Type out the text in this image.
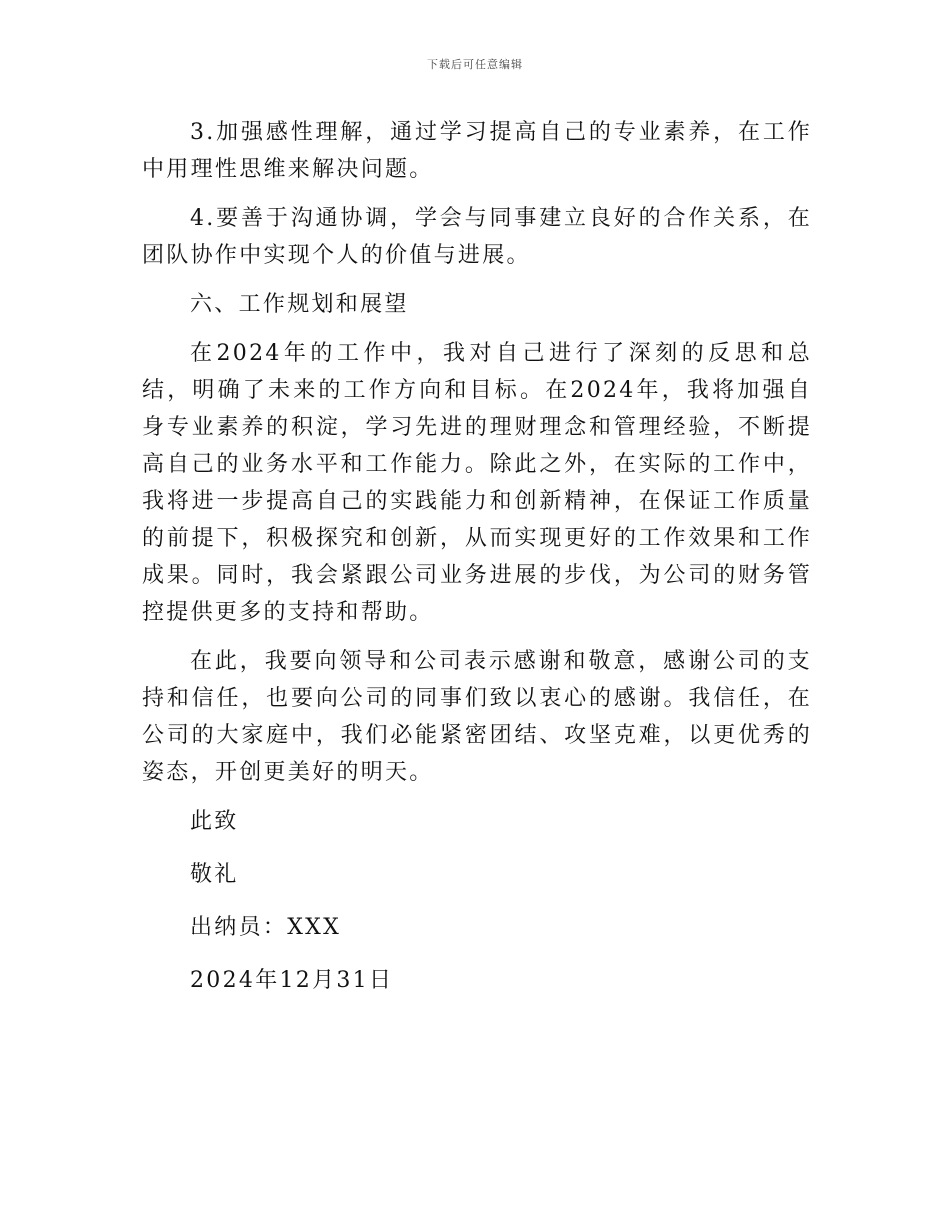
下载后可任意编辑

3.加强感性理解，通过学习提高自己的专业素养，在工作中用理性思维来解决问题。

4.要善于沟通协调，学会与同事建立良好的合作关系，在团队协作中实现个人的价值与进展。

六、工作规划和展望

在2024年的工作中，我对自己进行了深刻的反思和总结，明确了未来的工作方向和目标。在2024年，我将加强自身专业素养的积淀，学习先进的理财理念和管理经验，不断提高自己的业务水平和工作能力。除此之外，在实际的工作中，我将进一步提高自己的实践能力和创新精神，在保证工作质量的前提下，积极探究和创新，从而实现更好的工作效果和工作成果。同时，我会紧跟公司业务进展的步伐，为公司的财务管控提供更多的支持和帮助。

在此，我要向领导和公司表示感谢和敬意，感谢公司的支持和信任，也要向公司的同事们致以衷心的感谢。我信任，在公司的大家庭中，我们必能紧密团结、攻坚克难，以更优秀的姿态，开创更美好的明天。

此致

敬礼

出纳员：XXX

2024年12月31日
